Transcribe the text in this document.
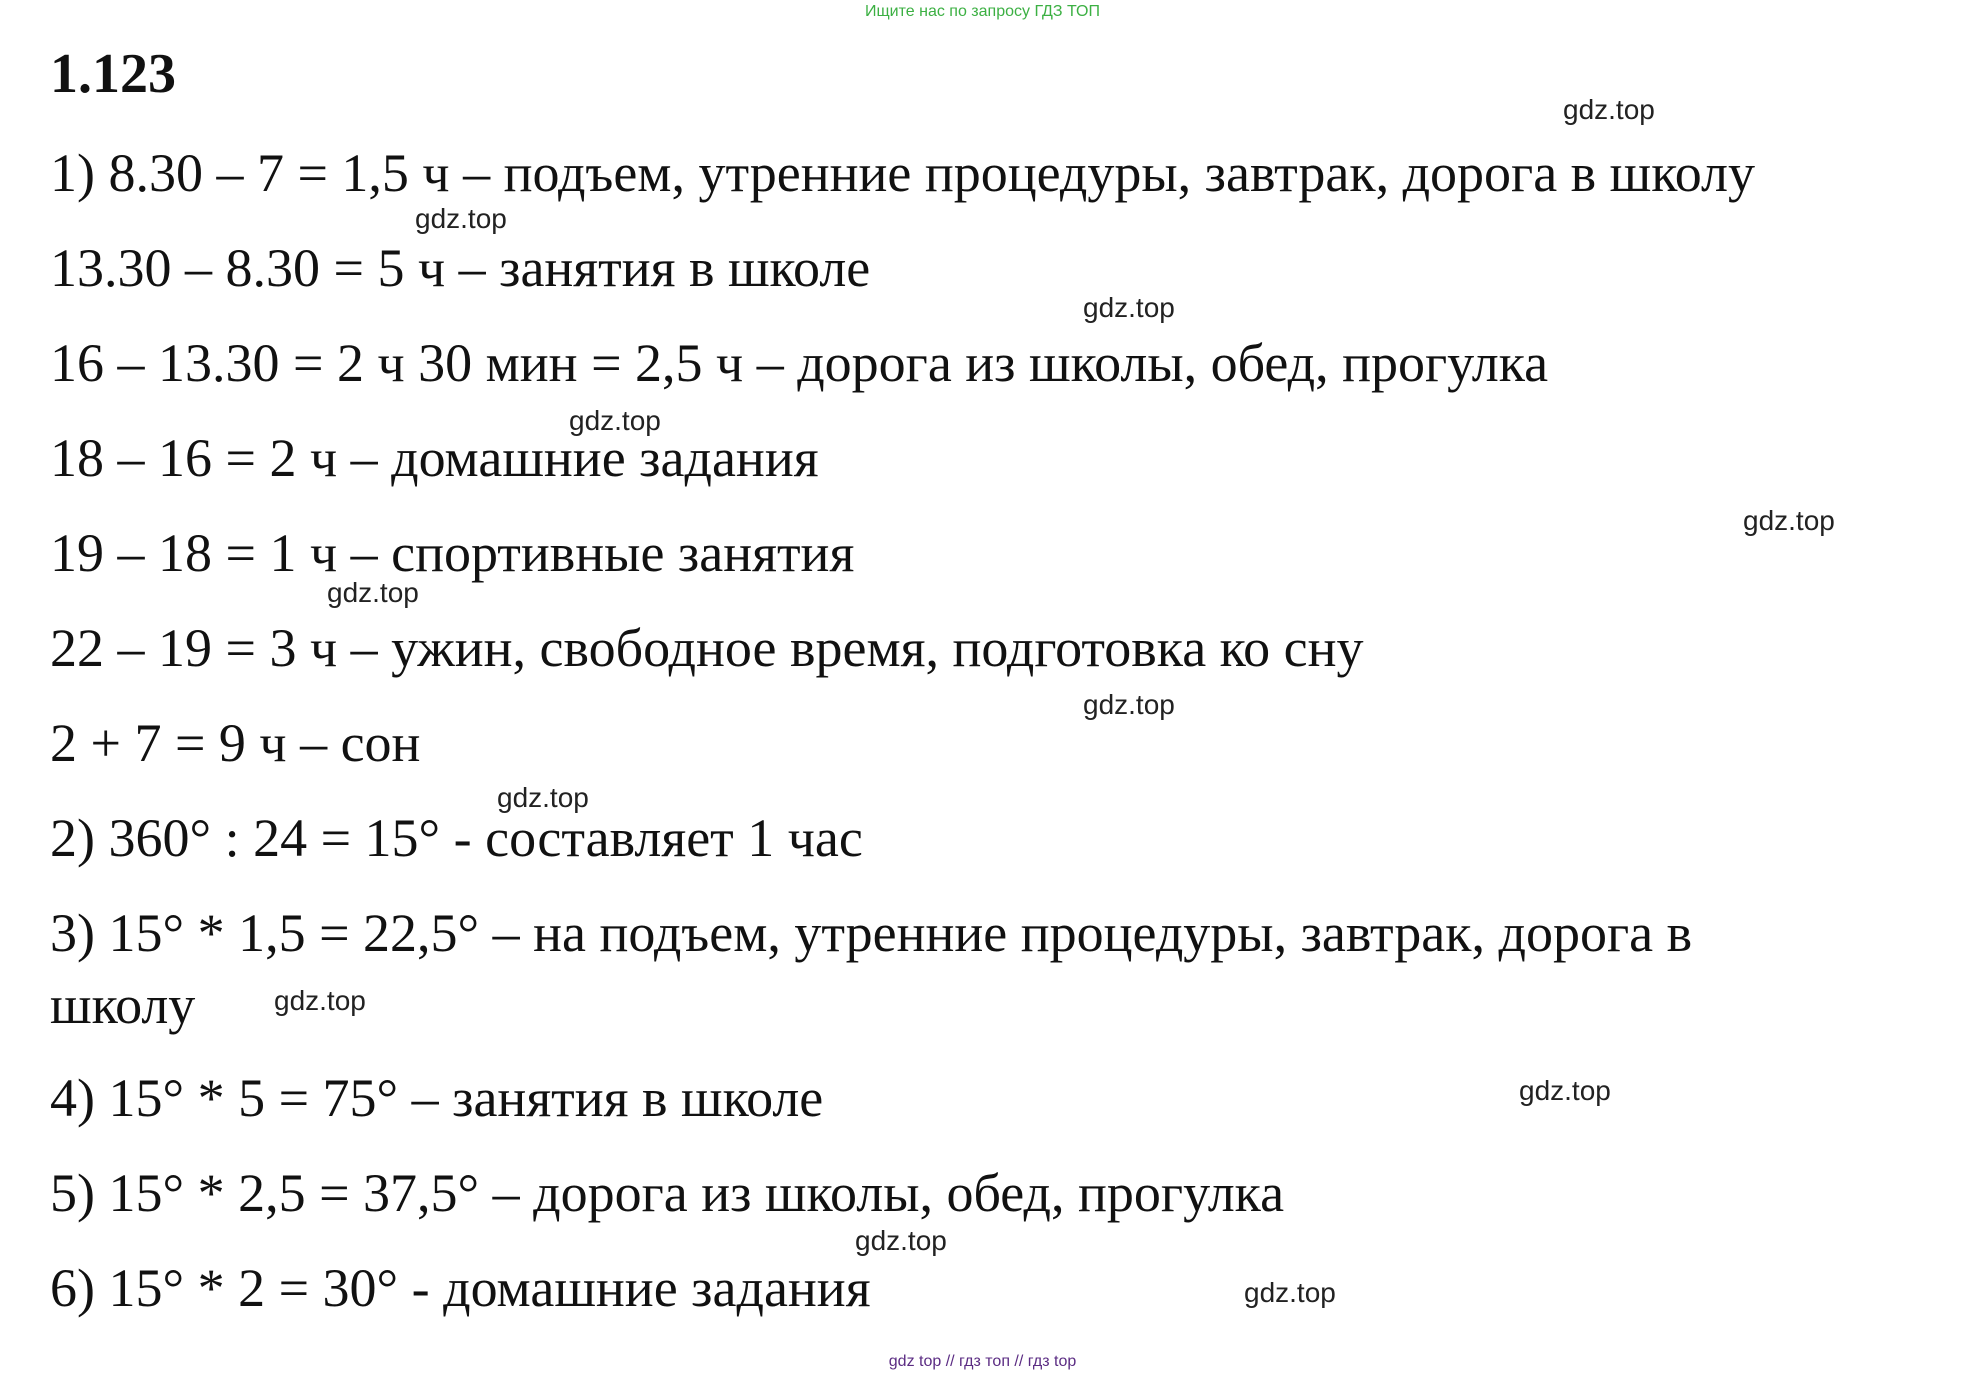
Ищите нас по запросу ГДЗ ТОП
1.123
1) 8.30 – 7 = 1,5 ч – подъем, утренние процедуры, завтрак, дорога в школу
13.30 – 8.30 = 5 ч – занятия в школе
16 – 13.30 = 2 ч 30 мин = 2,5 ч – дорога из школы, обед, прогулка
18 – 16 = 2 ч – домашние задания
19 – 18 = 1 ч – спортивные занятия
22 – 19 = 3 ч – ужин, свободное время, подготовка ко сну
2 + 7 = 9 ч – сон
2) 360° : 24 = 15° - составляет 1 час
3) 15° * 1,5 = 22,5° – на подъем, утренние процедуры, завтрак, дорога в
школу
4) 15° * 5 = 75° – занятия в школе
5) 15° * 2,5 = 37,5° – дорога из школы, обед, прогулка
6) 15° * 2 = 30° - домашние задания
gdz.top
gdz.top
gdz.top
gdz.top
gdz.top
gdz.top
gdz.top
gdz.top
gdz.top
gdz.top
gdz.top
gdz.top
gdz top // гдз топ // гдз top
